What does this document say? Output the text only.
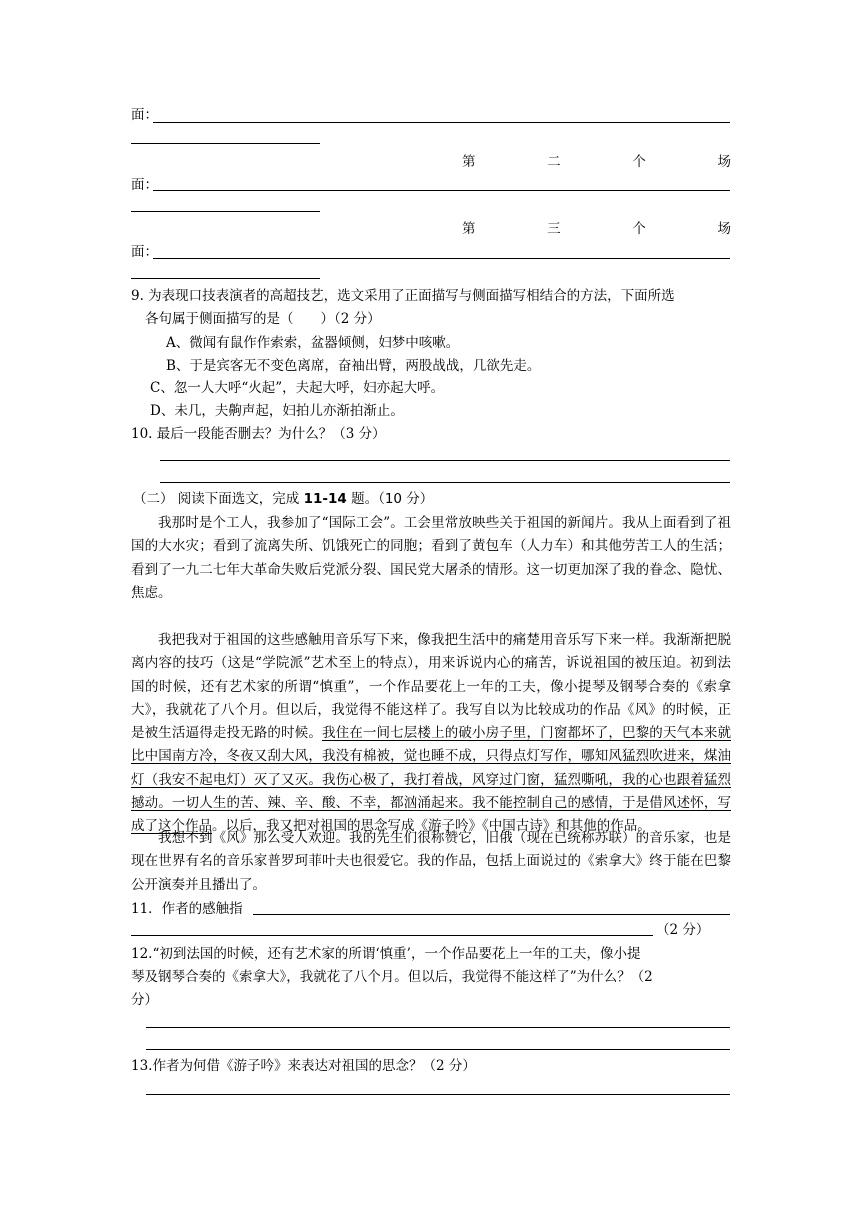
面：
第	二	个	场
面：
第	三	个	场
面：
9. 为表现口技表演者的高超技艺，选文采用了正面描写与侧面描写相结合的方法，下面所选
各句属于侧面描写的是（　　）（2 分）
A、微闻有鼠作作索索，盆器倾侧，妇梦中咳嗽。
B、于是宾客无不变色离席，奋袖出臂，两股战战，几欲先走。
C、忽一人大呼“火起”，夫起大呼，妇亦起大呼。
D、未几，夫齁声起，妇拍儿亦渐拍渐止。
10. 最后一段能否删去？为什么？（3 分）
（二） 阅读下面选文，完成 11-14 题。（10 分）
我那时是个工人，我参加了“国际工会”。工会里常放映些关于祖国的新闻片。我从上面看到了祖国的大水灾；看到了流离失所、饥饿死亡的同胞；看到了黄包车（人力车）和其他劳苦工人的生活；看到了一九二七年大革命失败后党派分裂、国民党大屠杀的情形。这一切更加深了我的眷念、隐忧、焦虑。
我把我对于祖国的这些感触用音乐写下来，像我把生活中的痛楚用音乐写下来一样。我渐渐把脱离内容的技巧（这是“学院派”艺术至上的特点），用来诉说内心的痛苦，诉说祖国的被压迫。初到法国的时候，还有艺术家的所谓“慎重”，一个作品要花上一年的工夫，像小提琴及钢琴合奏的《索拿大》，我就花了八个月。但以后，我觉得不能这样了。我写自以为比较成功的作品《风》的时候，正是被生活逼得走投无路的时候。我住在一间七层楼上的破小房子里，门窗都坏了，巴黎的天气本来就比中国南方冷，冬夜又刮大风，我没有棉被，觉也睡不成，只得点灯写作，哪知风猛烈吹进来，煤油灯（我安不起电灯）灭了又灭。我伤心极了，我打着战，风穿过门窗，猛烈嘶吼，我的心也跟着猛烈撼动。一切人生的苦、辣、辛、酸、不幸，都汹涌起来。我不能控制自己的感情，于是借风述怀，写成了这个作品。以后，我又把对祖国的思念写成《游子吟》《中国古诗》和其他的作品。
我想不到《风》那么受人欢迎。我的先生们很称赞它，旧俄（现在已统称苏联）的音乐家，也是现在世界有名的音乐家普罗珂菲叶夫也很爱它。我的作品，包括上面说过的《索拿大》终于能在巴黎公开演奏并且播出了。
11．作者的感触指
（2 分）
12.“初到法国的时候，还有艺术家的所谓‘慎重’，一个作品要花上一年的工夫，像小提
琴及钢琴合奏的《索拿大》，我就花了八个月。但以后，我觉得不能这样了”为什么？（2
分）
13.作者为何借《游子吟》来表达对祖国的思念？（2 分）
